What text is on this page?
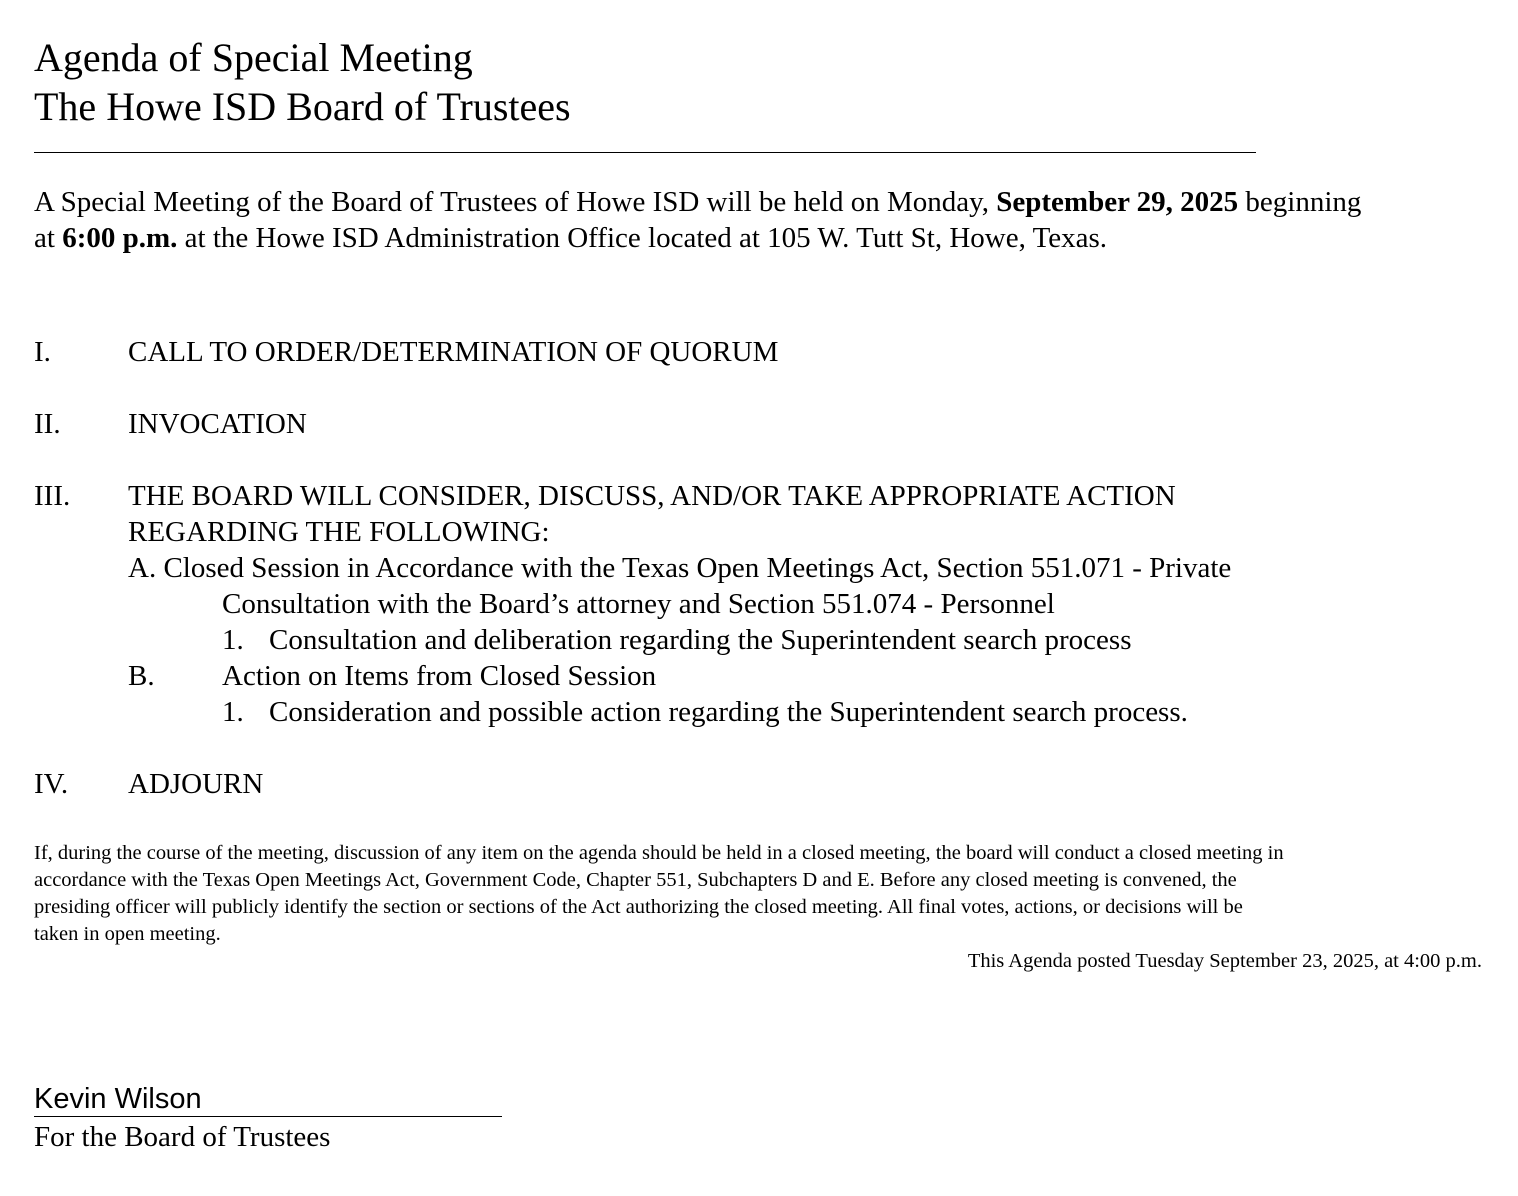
Agenda of Special Meeting
The Howe ISD Board of Trustees
A Special Meeting of the Board of Trustees of Howe ISD will be held on Monday, September 29, 2025 beginning
at 6:00 p.m. at the Howe ISD Administration Office located at 105 W. Tutt St, Howe, Texas.
I.	CALL TO ORDER/DETERMINATION OF QUORUM
II. INVOCATION
III. THE BOARD WILL CONSIDER, DISCUSS, AND/OR TAKE APPROPRIATE ACTION
REGARDING THE FOLLOWING:
A. Closed Session in Accordance with the Texas Open Meetings Act, Section 551.071 - Private
Consultation with the Board’s attorney and Section 551.074 - Personnel
1. Consultation and deliberation regarding the Superintendent search process
B. Action on Items from Closed Session
1. Consideration and possible action regarding the Superintendent search process.
IV. ADJOURN
If, during the course of the meeting, discussion of any item on the agenda should be held in a closed meeting, the board will conduct a closed meeting in
accordance with the Texas Open Meetings Act, Government Code, Chapter 551, Subchapters D and E. Before any closed meeting is convened, the
presiding officer will publicly identify the section or sections of the Act authorizing the closed meeting. All final votes, actions, or decisions will be
taken in open meeting.
This Agenda posted Tuesday September 23, 2025, at 4:00 p.m.
Kevin Wilson
For the Board of Trustees
